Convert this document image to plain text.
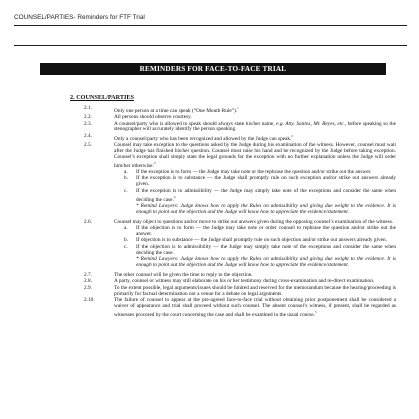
COUNSEL/PARTIES- Reminders for FTF Trial
REMINDERS FOR FACE-TO-FACE TRIAL
2. COUNSEL/PARTIES
2.1.	Only one person at a time can speak (“One Mouth Rule”).$^1$
2.2.	All persons should observe courtesy.
2.3.	A counsel/party who is allowed to speak should always state his/her name, e.g. Atty. Santos, Mr. Reyes, etc., before speaking so the stenographer will accurately identify the person speaking.
2.4.	Only a counsel/party who has been recognized and allowed by the Judge can speak.$^2$
2.5.	Counsel may take exception to the questions asked by the Judge during his examination of the witness. However, counsel must wait after the Judge has finished his/her question. Counsel must raise his hand and be recognized by the Judge before taking exception. Counsel’s exception shall simply state the legal grounds for the exception with no further explanation unless the Judge will order him/her otherwise:$^3$
a.	If the exception is to form — the Judge may take note or the rephrase the question and/or strike out the answer.
b.	If the exception is to substance — the Judge shall promptly rule on such exception and/or strike out answers already given.
c.	If the exception is to admissibility — the Judge may simply take note of the exceptions and consider the same when deciding the case.$^4$
* Remind Lawyers: Judge knows how to apply the Rules on admissibility and giving due weight to the evidence. It is enough to point out the objection and the Judge will know how to appreciate the evidence/statement.
2.6.	Counsel may object to questions and/or move to strike out answers given during the opposing counsel’s examination of the witness.
a.	If the objection is to form — the Judge may take note or order counsel to rephrase the question and/or strike out the answer.
b.	If objection is to substance — the Judge shall promptly rule on such objection and/or strike out answers already given.
c.	If the objection is to admissibility — the Judge may simply take note of the exceptions and consider the same when deciding the case.
* Remind Lawyers: Judge knows how to apply the Rules on admissibility and giving due weight to the evidence. It is enough to point out the objection and the Judge will know how to appreciate the evidence/statement.
2.7.	The other counsel will be given the time to reply to the objection.
2.8.	A party, counsel or witness may still elaborate on his or her testimony during cross-examination and re-direct examination.
2.9.	To the extent possible, legal arguments/issues should be limited and reserved for the memorandum because the hearing/proceeding is primarily for factual determination not a venue for a debate on legal arguments.
2.10.	The failure of counsel to appear at the pre-agreed face-to-face trial without obtaining prior postponement shall be considered a waiver of appearance and trial shall proceed without such counsel. The absent counsel’s witness, if present, shall be regarded as witnesses procured by the court concerning the case and shall be examined in the usual course.$^5$
